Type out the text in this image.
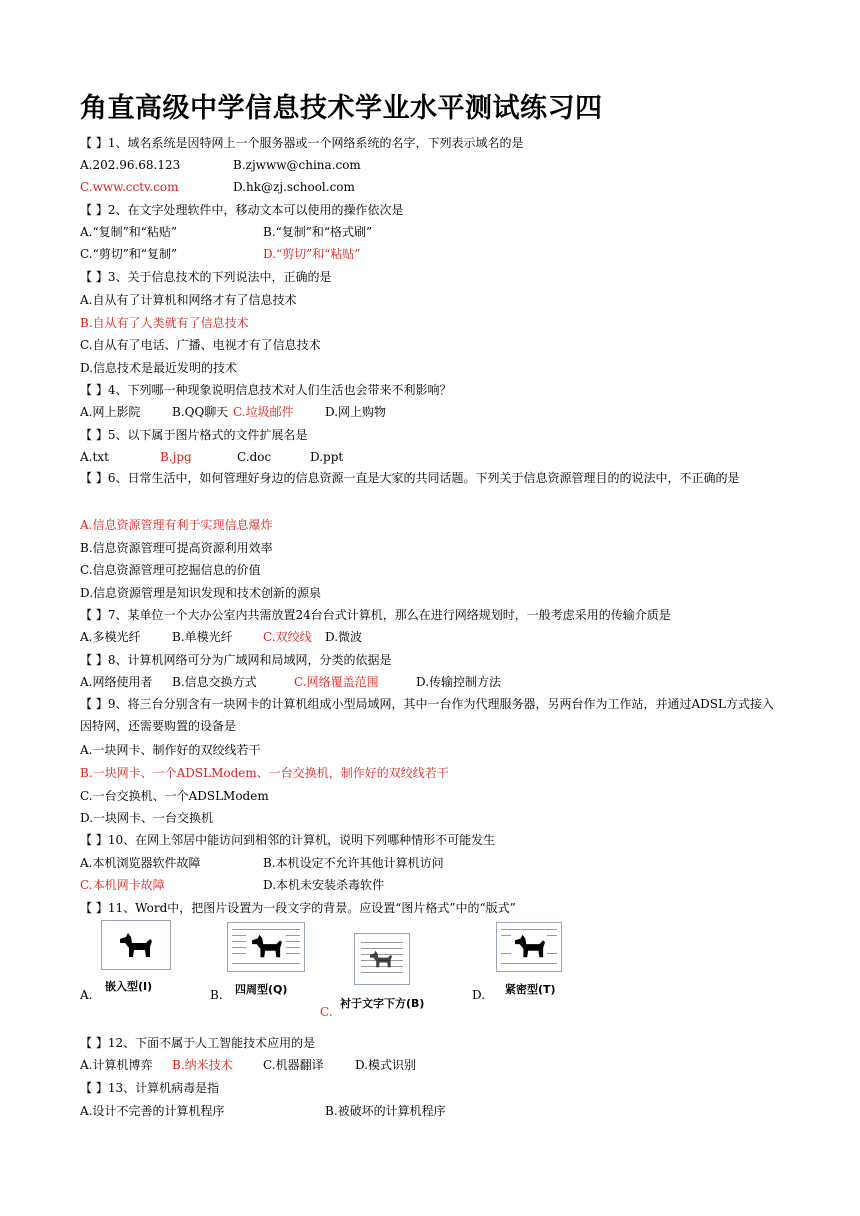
角直高级中学信息技术学业水平测试练习四
【 】1、域名系统是因特网上一个服务器或一个网络系统的名字，下列表示域名的是
A.202.96.68.123	B.zjwww@china.com
C.www.cctv.com	D.hk@zj.school.com
【 】2、在文字处理软件中，移动文本可以使用的操作依次是
A.“复制”和“粘贴”	B.“复制”和“格式刷”
C.“剪切”和“复制”	D.“剪切”和“粘贴”
【 】3、关于信息技术的下列说法中，正确的是
A.自从有了计算机和网络才有了信息技术
B.自从有了人类就有了信息技术
C.自从有了电话、广播、电视才有了信息技术
D.信息技术是最近发明的技术
【 】4、下列哪一种现象说明信息技术对人们生活也会带来不利影响？
A.网上影院	B.QQ聊天 C.垃圾邮件	D.网上购物
【 】5、以下属于图片格式的文件扩展名是
A.txt	B.jpg	C.doc	D.ppt
【 】6、日常生活中，如何管理好身边的信息资源一直是大家的共同话题。下列关于信息资源管理目的的说法中，不正确的是
A.信息资源管理有利于实现信息爆炸
B.信息资源管理可提高资源利用效率
C.信息资源管理可挖掘信息的价值
D.信息资源管理是知识发现和技术创新的源泉
【 】7、某单位一个大办公室内共需放置24台台式计算机，那么在进行网络规划时，一般考虑采用的传输介质是
A.多模光纤	B.单模光纤	C.双绞线 D.微波
【 】8、计算机网络可分为广域网和局域网，分类的依据是
A.网络使用者 B.信息交换方式	C.网络覆盖范围	D.传输控制方法
【 】9、将三台分别含有一块网卡的计算机组成小型局域网，其中一台作为代理服务器，另两台作为工作站，并通过ADSL方式接入因特网，还需要购置的设备是
A.一块网卡、制作好的双绞线若干
B.一块网卡、一个ADSLModem、一台交换机，制作好的双绞线若干
C.一台交换机、一个ADSLModem
D.一块网卡、一台交换机
【 】10、在网上邻居中能访问到相邻的计算机，说明下列哪种情形不可能发生
A.本机浏览器软件故障	B.本机设定不允许其他计算机访问
C.本机网卡故障	D.本机未安装杀毒软件
【 】11、Word中，把图片设置为一段文字的背景。应设置“图片格式”中的“版式”
A.
嵌入型(I)
B. 四周型(Q)
C.
衬于文字下方(B)
D. 紧密型(T)
【 】12、下面不属于人工智能技术应用的是
A.计算机博弈 B.纳米技术	C.机器翻译	D.模式识别
【 】13、计算机病毒是指
A.设计不完善的计算机程序	B.被破坏的计算机程序
